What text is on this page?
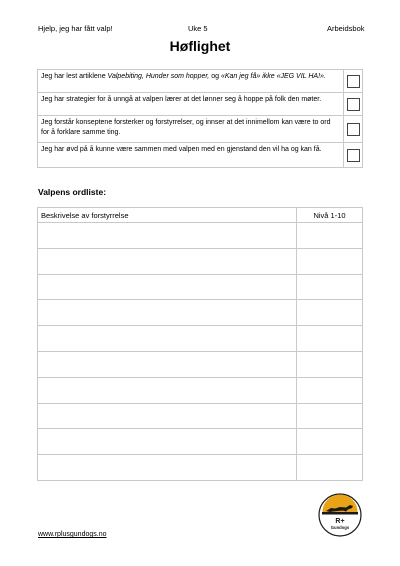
Hjelp, jeg har fått valp!	Uke 5	Arbeidsbok
Høflighet
Jeg har lest artiklene Valpebiting, Hunder som hopper, og «Kan jeg få» ikke «JEG VIL HA!».	
Jeg har strategier for å unngå at valpen lærer at det lønner seg å hoppe på folk den møter.	
Jeg forstår konseptene forsterker og forstyrrelser, og innser at det innimellom kan være to ord for å forklare samme ting.	
Jeg har øvd på å kunne være sammen med valpen med en gjenstand den vil ha og kan få.	
Valpens ordliste:
Beskrivelse av forstyrrelse	Nivå 1-10

www.rplusgundogs.no
R+
Gundogs
